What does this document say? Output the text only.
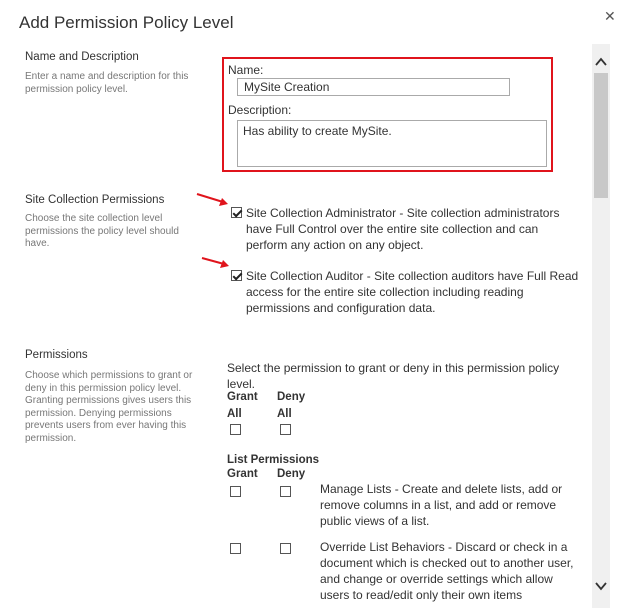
Add Permission Policy Level	✕
Name and Description
Enter a name and description for this permission policy level.
Name:
MySite Creation
Description:
Has ability to create MySite.
Site Collection Permissions
Choose the site collection level permissions the policy level should have.
Site Collection Administrator - Site collection administrators have Full Control over the entire site collection and can perform any action on any object.
Site Collection Auditor - Site collection auditors have Full Read access for the entire site collection including reading permissions and configuration data.
Permissions
Choose which permissions to grant or deny in this permission policy level. Granting permissions gives users this permission. Denying permissions prevents users from ever having this permission.
Select the permission to grant or deny in this permission policy level.
Grant
All
Deny
All
List Permissions
Grant Deny
Manage Lists - Create and delete lists, add or remove columns in a list, and add or remove public views of a list.
Override List Behaviors - Discard or check in a document which is checked out to another user, and change or override settings which allow users to read/edit only their own items
